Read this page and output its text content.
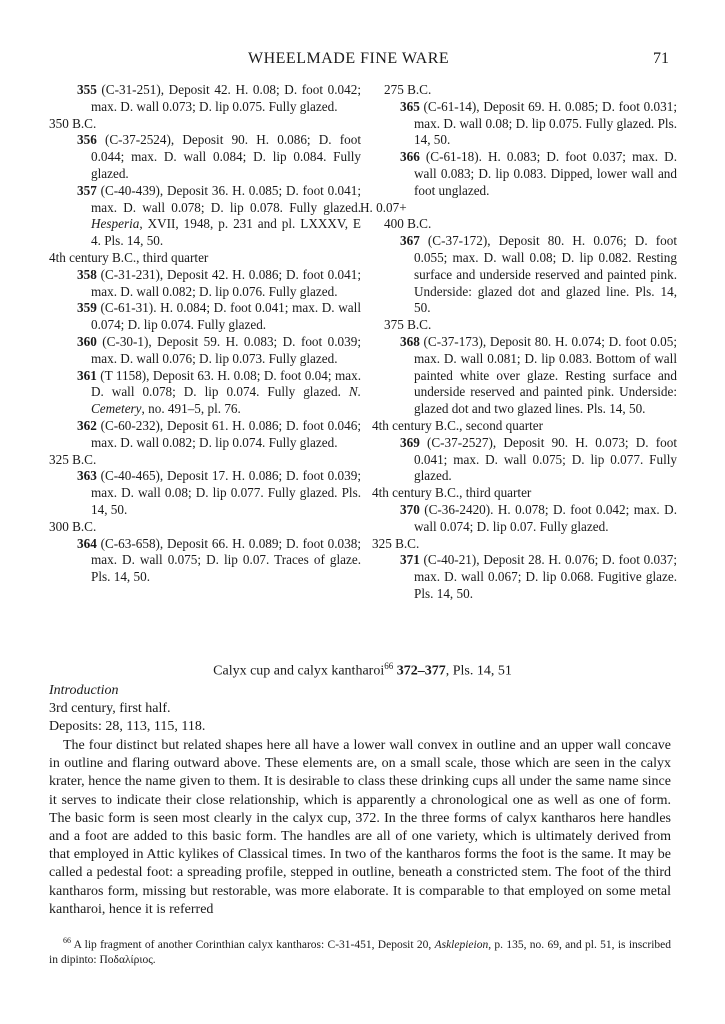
WHEELMADE FINE WARE	71

355 (C-31-251), Deposit 42. H. 0.08; D. foot 0.042; max. D. wall 0.073; D. lip 0.075. Fully glazed.

350 B.C.

356 (C-37-2524), Deposit 90. H. 0.086; D. foot 0.044; max. D. wall 0.084; D. lip 0.084. Fully glazed.

357 (C-40-439), Deposit 36. H. 0.085; D. foot 0.041; max. D. wall 0.078; D. lip 0.078. Fully glazed. Hesperia, XVII, 1948, p. 231 and pl. LXXXV, E 4. Pls. 14, 50.

4th century B.C., third quarter

358 (C-31-231), Deposit 42. H. 0.086; D. foot 0.041; max. D. wall 0.082; D. lip 0.076. Fully glazed.

359 (C-61-31). H. 0.084; D. foot 0.041; max. D. wall 0.074; D. lip 0.074. Fully glazed.

360 (C-30-1), Deposit 59. H. 0.083; D. foot 0.039; max. D. wall 0.076; D. lip 0.073. Fully glazed.

361 (T 1158), Deposit 63. H. 0.08; D. foot 0.04; max. D. wall 0.078; D. lip 0.074. Fully glazed. N. Cemetery, no. 491–5, pl. 76.

362 (C-60-232), Deposit 61. H. 0.086; D. foot 0.046; max. D. wall 0.082; D. lip 0.074. Fully glazed.

325 B.C.

363 (C-40-465), Deposit 17. H. 0.086; D. foot 0.039; max. D. wall 0.08; D. lip 0.077. Fully glazed. Pls. 14, 50.

300 B.C.

364 (C-63-658), Deposit 66. H. 0.089; D. foot 0.038; max. D. wall 0.075; D. lip 0.07. Traces of glaze. Pls. 14, 50.

275 B.C.

365 (C-61-14), Deposit 69. H. 0.085; D. foot 0.031; max. D. wall 0.08; D. lip 0.075. Fully glazed. Pls. 14, 50.

366 (C-61-18). H. 0.083; D. foot 0.037; max. D. wall 0.083; D. lip 0.083. Dipped, lower wall and foot unglazed.

H. 0.07+

400 B.C.

367 (C-37-172), Deposit 80. H. 0.076; D. foot 0.055; max. D. wall 0.08; D. lip 0.082. Resting surface and underside reserved and painted pink. Underside: glazed dot and glazed line. Pls. 14, 50.

375 B.C.

368 (C-37-173), Deposit 80. H. 0.074; D. foot 0.05; max. D. wall 0.081; D. lip 0.083. Bottom of wall painted white over glaze. Resting surface and underside reserved and painted pink. Underside: glazed dot and two glazed lines. Pls. 14, 50.

4th century B.C., second quarter

369 (C-37-2527), Deposit 90. H. 0.073; D. foot 0.041; max. D. wall 0.075; D. lip 0.077. Fully glazed.

4th century B.C., third quarter

370 (C-36-2420). H. 0.078; D. foot 0.042; max. D. wall 0.074; D. lip 0.07. Fully glazed.

325 B.C.

371 (C-40-21), Deposit 28. H. 0.076; D. foot 0.037; max. D. wall 0.067; D. lip 0.068. Fugitive glaze. Pls. 14, 50.

Calyx cup and calyx kantharoi$^{66}$ 372–377, Pls. 14, 51
Introduction
3rd century, first half.
Deposits: 28, 113, 115, 118.
The four distinct but related shapes here all have a lower wall convex in outline and an upper wall concave in outline and flaring outward above. These elements are, on a small scale, those which are seen in the calyx krater, hence the name given to them. It is desirable to class these drinking cups all under the same name since it serves to indicate their close relationship, which is apparently a chronological one as well as one of form. The basic form is seen most clearly in the calyx cup, 372. In the three forms of calyx kantharos here handles and a foot are added to this basic form. The handles are all of one variety, which is ultimately derived from that employed in Attic kylikes of Classical times. In two of the kantharos forms the foot is the same. It may be called a pedestal foot: a spreading profile, stepped in outline, beneath a constricted stem. The foot of the third kantharos form, missing but restorable, was more elaborate. It is comparable to that employed on some metal kantharoi, hence it is referred
$^{66}$ A lip fragment of another Corinthian calyx kantharos: C-31-451, Deposit 20, Asklepieion, p. 135, no. 69, and pl. 51, is inscribed in dipinto: Ποδαλίριος.
